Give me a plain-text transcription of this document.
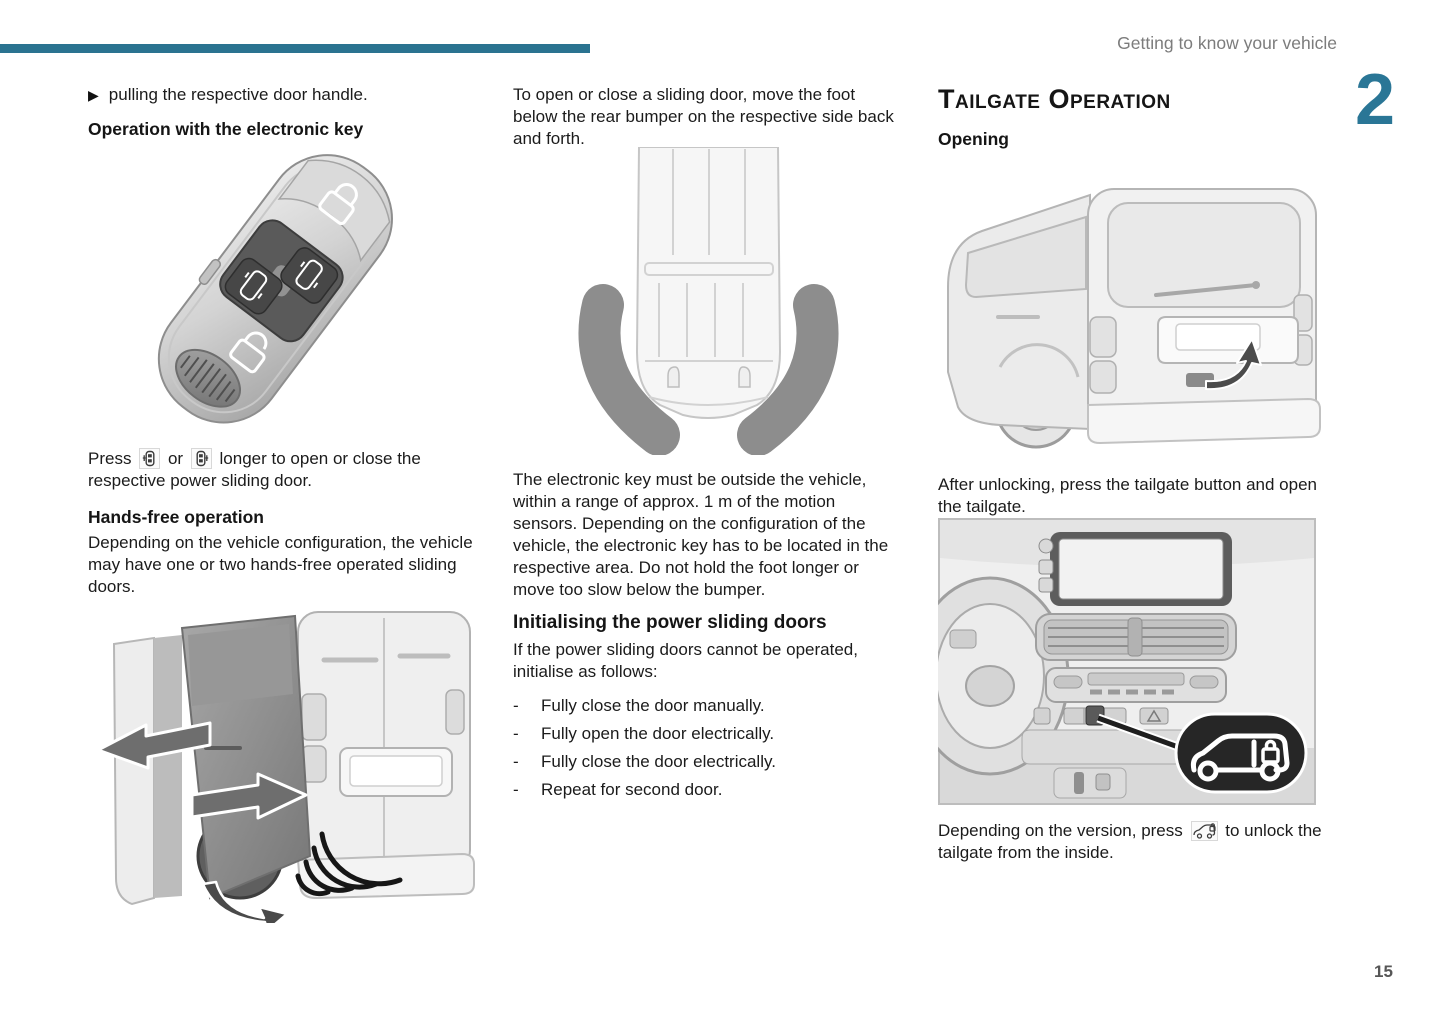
Getting to know your vehicle
2
▶ pulling the respective door handle.
Operation with the electronic key

Press or longer to open or close the respective power sliding door.

Hands-free operation

Depending on the vehicle configuration, the vehicle may have one or two hands-free operated sliding doors.

To open or close a sliding door, move the foot below the rear bumper on the respective side back and forth.

The electronic key must be outside the vehicle, within a range of approx. 1 m of the motion sensors. Depending on the configuration of the vehicle, the electronic key has to be located in the respective area. Do not hold the foot longer or move too slow below the bumper.

Initialising the power sliding doors

If the power sliding doors cannot be operated, initialise as follows:

-	Fully close the door manually.
-	Fully open the door electrically.
-	Fully close the door electrically.
-	Repeat for second door.
Tailgate Operation
Opening

After unlocking, press the tailgate button and open the tailgate.

Depending on the version, press to unlock the tailgate from the inside.

15
